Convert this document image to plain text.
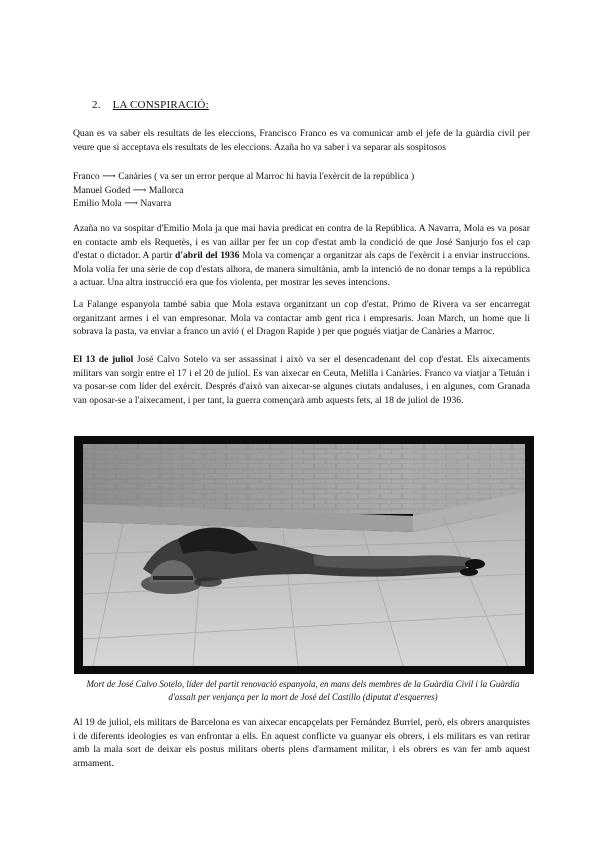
2. LA CONSPIRACIÓ:

Quan es va saber els resultats de les eleccions, Francisco Franco es va comunicar amb el jefe de la guàrdia civil per veure que si acceptava els resultats de les eleccions. Azaña ho va saber i va separar als sospitosos

Franco ⟶ Canàries ( va ser un error perque al Marroc hi havia l'exèrcit de la república )
Manuel Goded ⟶ Mallorca
Emilio Mola ⟶ Navarra

Azaña no va sospitar d'Emilio Mola ja que mai havia predicat en contra de la República. A Navarra, Mola es va posar en contacte amb els Requetès, i es van aillar per fer un cop d'estat amb la condició de que José Sanjurjo fos el cap d'estat o dictador. A partir d'abril del 1936 Mola va començar a organitzar als caps de l'exèrcit i a enviar instruccions. Mola volia fer una sèrie de cop d'estats alhora, de manera simultània, amb la intenció de no donar temps a la república a actuar. Una altra instrucció era que fos violenta, per mostrar les seves intencions.

La Falange espanyola també sabia que Mola estava organitzant un cop d'estat. Primo de Rivera va ser encarregat organitzant armes i el van empresonar. Mola va contactar amb gent rica i empresaris. Joan March, un home que li sobrava la pasta, va enviar a franco un avió ( el Dragon Rapide ) per que pogués viatjar de Canàries a Marroc.

El 13 de juliol José Calvo Sotelo va ser assassinat i això va ser el desencadenant del cop d'estat. Els aixecaments militars van sorgir entre el 17 i el 20 de juliol. Es van aixecar en Ceuta, Melilla i Canàries. Franco va viatjar a Tetuán i va posar-se com líder del exèrcit. Després d'això van aixecar-se algunes ciutats andaluses, i en algunes, com Granada van oposar-se a l'aixecament, i per tant, la guerra començarà amb aquests fets, al 18 de juliol de 1936.

Mort de José Calvo Sotelo, líder del partit renovació espanyola, en mans dels membres de la Guàrdia Civil i la Guàrdia d'assalt per venjança per la mort de José del Castillo (diputat d'esquerres)

Al 19 de juliol, els militars de Barcelona es van aixecar encapçelats per Fernández Burriel, però, els obrers anarquistes i de diferents ideologies es van enfrontar a ells. En aquest conflicte va guanyar els obrers, i els militars es van retirar amb la mala sort de deixar els postus militars oberts plens d'armament militar, i els obrers es van fer amb aquest armament.
